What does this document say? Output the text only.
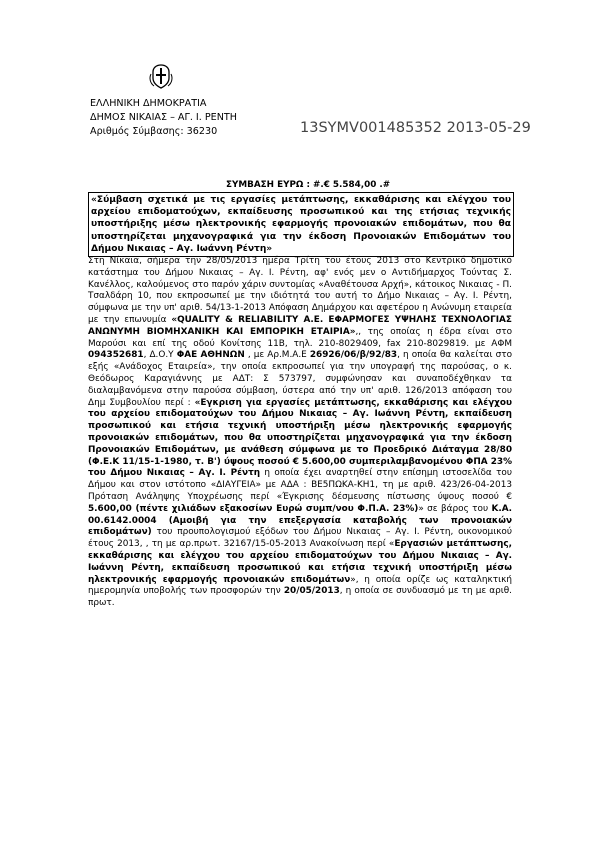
ΕΛΛΗΝΙΚΗ ΔΗΜΟΚΡΑΤΙΑ
ΔΗΜΟΣ ΝΙΚΑΙΑΣ – ΑΓ. Ι. ΡΕΝΤΗ
Αριθμός Σύμβασης: 36230	13SYMV001485352 2013-05-29
ΣΥΜΒΑΣΗ ΕΥΡΩ : #.€ 5.584,00 .#
«Σύμβαση σχετικά με τις εργασίες μετάπτωσης, εκκαθάρισης και ελέγχου του αρχείου επιδοματούχων, εκπαίδευσης προσωπικού και της ετήσιας τεχνικής υποστήριξης μέσω ηλεκτρονικής εφαρμογής προνοιακών επιδομάτων, που θα υποστηρίζεται μηχανογραφικά για την έκδοση Προνοιακών Επιδομάτων του Δήμου Νικαιας – Αγ. Ιωάννη Ρέντη»
Στη Νίκαια, σήμερα την 28/05/2013 ημέρα Τρίτη του έτους 2013 στο Κεντρικό δημοτικό κατάστημα του Δήμου Νικαιας – Αγ. Ι. Ρέντη, αφ' ενός μεν ο Αντιδήμαρχος Τούντας Σ. Κανέλλος, καλούμενος στο παρόν χάριν συντομίας «Αναθέτουσα Αρχή», κάτοικος Νικαιας - Π. Τσαλδάρη 10, που εκπροσωπεί με την ιδιότητά του αυτή το Δήμο Νικαιας – Αγ. Ι. Ρέντη, σύμφωνα με την υπ' αριθ. 54/13-1-2013 Απόφαση Δημάρχου και αφετέρου η Ανώνυμη εταιρεία με την επωνυμία «QUALITY & RELIABILITY Α.Ε. ΕΦΑΡΜΟΓΕΣ ΥΨΗΛΗΣ ΤΕΧΝΟΛΟΓΙΑΣ ΑΝΩΝΥΜΗ ΒΙΟΜΗΧΑΝΙΚΗ ΚΑΙ ΕΜΠΟΡΙΚΗ ΕΤΑΙΡΙΑ»,, της οποίας η έδρα είναι στο Μαρούσι και επί της οδού Κονίτσης 11Β, τηλ. 210-8029409, fax 210-8029819. με ΑΦΜ 094352681, Δ.Ο.Υ ΦΑΕ ΑΘΗΝΩΝ , με Αρ.Μ.Α.Ε 26926/06/β/92/83, η οποία θα καλείται στο εξής «Ανάδοχος Εταιρεία», την οποία εκπροσωπεί για την υπογραφή της παρούσας, ο κ. Θεόδωρος Καραγιάννης με ΑΔΤ: Σ 573797, συμφώνησαν και συναποδέχθηκαν τα διαλαμβανόμενα στην παρούσα σύμβαση, ύστερα από την υπ' αριθ. 126/2013 απόφαση του Δημ Συμβουλίου περί : «Εγκριση για εργασίες μετάπτωσης, εκκαθάρισης και ελέγχου του αρχείου επιδοματούχων του Δήμου Νικαιας – Αγ. Ιωάννη Ρέντη, εκπαίδευση προσωπικού και ετήσια τεχνική υποστήριξη μέσω ηλεκτρονικής εφαρμογής προνοιακών επιδομάτων, που θα υποστηρίζεται μηχανογραφικά για την έκδοση Προνοιακών Επιδομάτων, με ανάθεση σύμφωνα με το Προεδρικό Διάταγμα 28/80 (Φ.Ε.Κ 11/15-1-1980, τ. Β') ύψους ποσού € 5.600,00 συμπεριλαμβανομένου ΦΠΑ 23% του Δήμου Νικαιας – Αγ. Ι. Ρέντη η οποία έχει αναρτηθεί στην επίσημη ιστοσελίδα του Δήμου και στον ιστότοπο «ΔΙΑΥΓΕΙΑ» με ΑΔΑ : ΒΕ5ΠΩΚΑ-ΚΗ1, τη με αριθ. 423/26-04-2013 Πρόταση Ανάληψης Υποχρέωσης περί «Έγκρισης δέσμευσης πίστωσης ύψους ποσού € 5.600,00 (πέντε χιλιάδων εξακοσίων Ευρώ συμπ/νου Φ.Π.Α. 23%)» σε βάρος του Κ.Α. 00.6142.0004 (Αμοιβή για την επεξεργασία καταβολής των προνοιακών επιδομάτων) του προυπολογισμού εξόδων του Δήμου Νικαιας – Αγ. Ι. Ρέντη, οικονομικού έτους 2013, , τη με αρ.πρωτ. 32167/15-05-2013 Ανακοίνωση περί «Εργασιών μετάπτωσης, εκκαθάρισης και ελέγχου του αρχείου επιδοματούχων του Δήμου Νικαιας – Αγ. Ιωάννη Ρέντη, εκπαίδευση προσωπικού και ετήσια τεχνική υποστήριξη μέσω ηλεκτρονικής εφαρμογής προνοιακών επιδομάτων», η οποία ορίζε ως καταληκτική ημερομηνία υποβολής των προσφορών την 20/05/2013, η οποία σε συνδυασμό με τη με αριθ. πρωτ.
